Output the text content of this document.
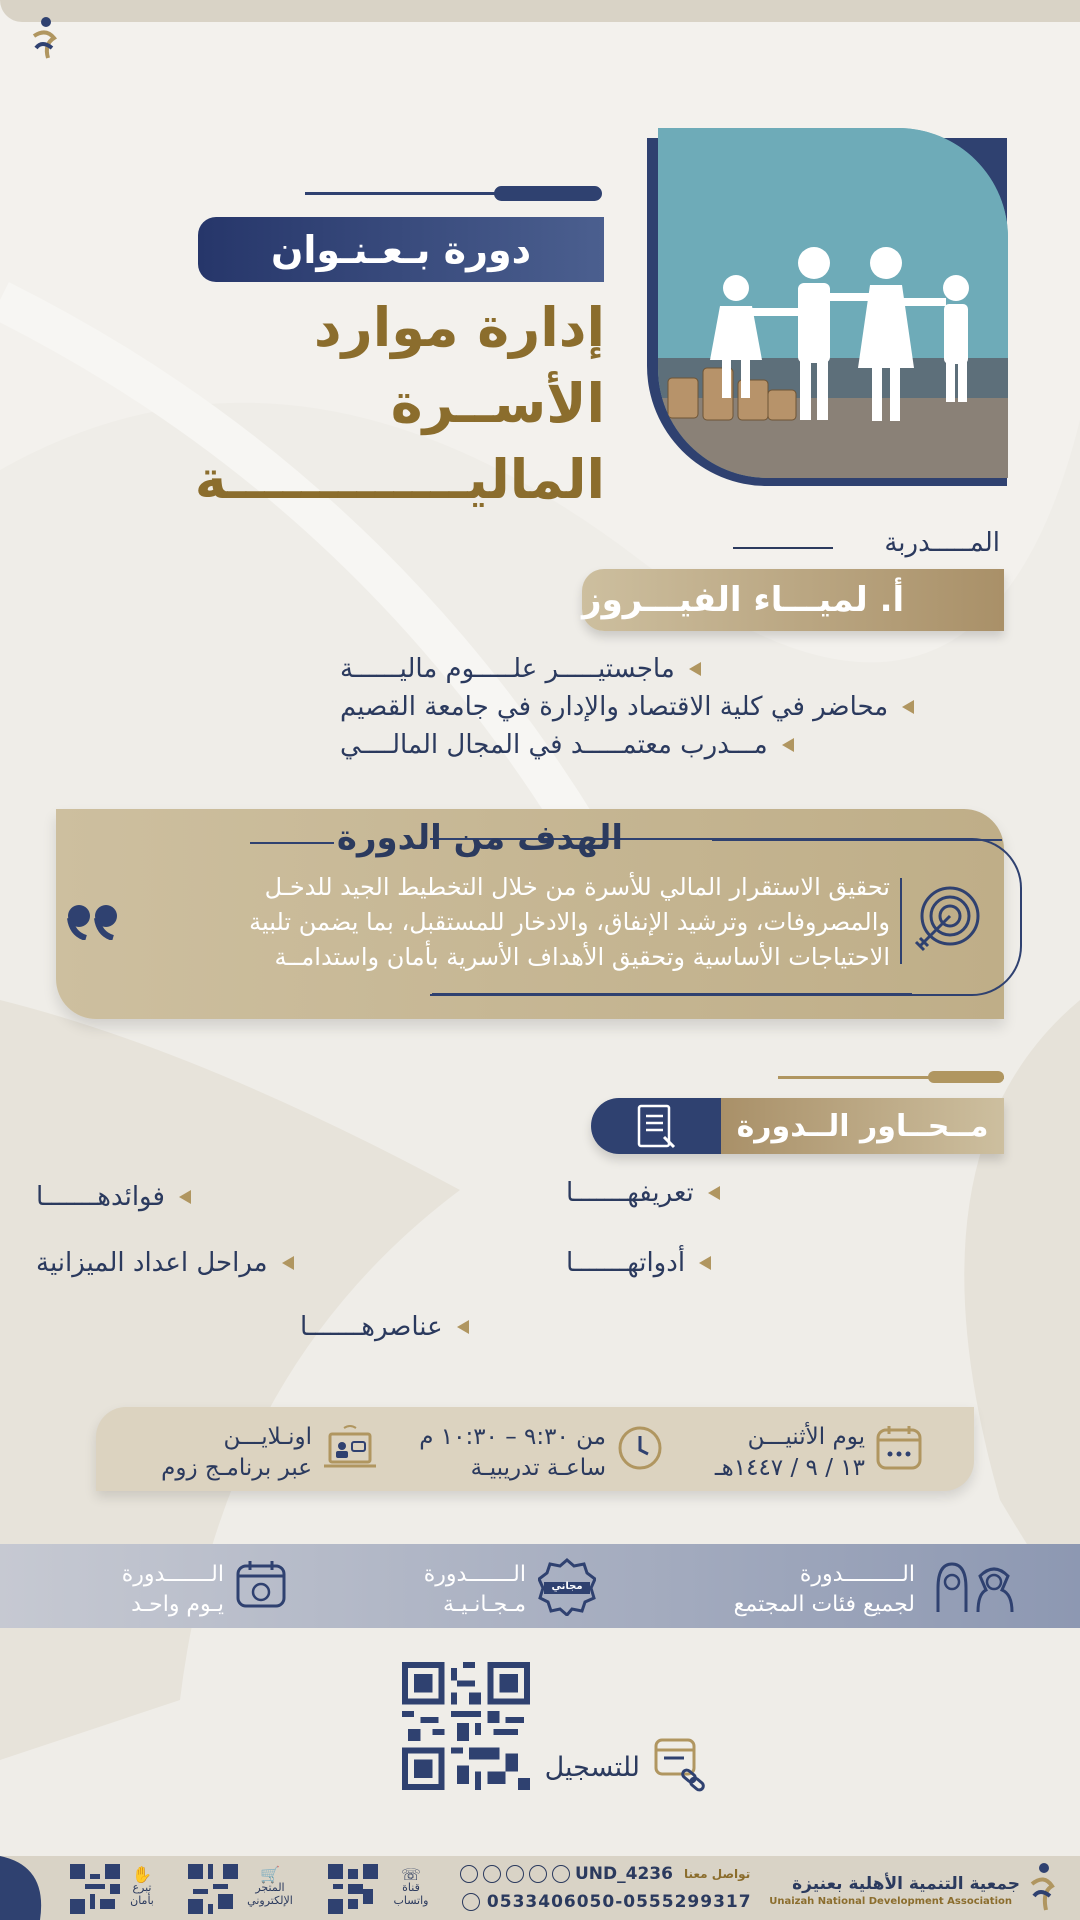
دورة بـعـنـوان
إدارة موارد الأســرة
الماليـــــــــــــة
المـــــدربة
أ. لميـــاء الفيـــروز
ماجستيـــــر علـــــوم ماليــــــة
محاضر في كلية الاقتصاد والإدارة في جامعة القصيم
مـــدرب معتمـــــد في المجال المالــــي
الهدف من الدورة
تحقيق الاستقرار المالي للأسرة من خلال التخطيط الجيد للدخـل والمصروفات، وترشيد الإنفاق، والادخار للمستقبل، بما يضمن تلبية الاحتياجات الأساسية وتحقيق الأهداف الأسرية بأمان واستدامــة
مــحــاور الــدورة
تعريفهـــــــا
فوائدهـــــــا
أدواتهـــــــا
مراحل اعداد الميزانية
عناصرهـــــــا
يوم الأثنيـــن
١٣ / ٩ / ١٤٤٧هـ
من ٩:٣٠ – ١٠:٣٠ م
ساعـة تدريبيـة
اونـلايـــن
عبر برنامـج زوم
الـــــــــدورة
لجميع فئات المجتمع
مجاني
الـــــــدورة
مـجـانـيـة
الـــــــدورة
يـوم واحـد
للتسجيل
جمعية التنمية الأهلية بعنيزة
Unaizah National Development Association
UND_4236 تواصل معنا
0533406050-0555299317
☏
قناة واتساب
🛒
المتجر الإلكتروني
✋
تبرع بأمان
